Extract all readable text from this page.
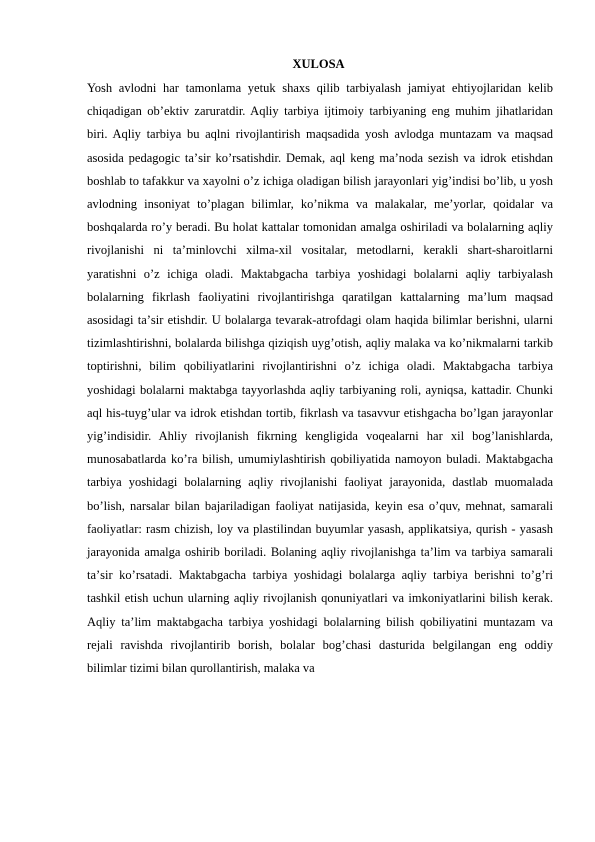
XULOSA

Yosh avlodni har tamonlama yetuk shaxs qilib tarbiyalash jamiyat ehtiyojlaridan kelib chiqadigan obʼektiv zaruratdir. Aqliy tarbiya ijtimoiy tarbiyaning eng muhim jihatlaridan biri. Aqliy tarbiya bu aqlni rivojlantirish maqsadida yosh avlodga muntazam va maqsad asosida pedagogic taʼsir koʼrsatishdir. Demak, aql keng maʼnoda sezish va idrok etishdan boshlab to tafakkur va xayolni oʼz ichiga oladigan bilish jarayonlari yigʼindisi boʼlib, u yosh avlodning insoniyat toʼplagan bilimlar, koʼnikma va malakalar, meʼyorlar, qoidalar va boshqalarda roʼy beradi. Bu holat kattalar tomonidan amalga oshiriladi va bolalarning aqliy rivojlanishi ni taʼminlovchi xilma-xil vositalar, metodlarni, kerakli shart-sharoitlarni yaratishni oʼz ichiga oladi. Maktabgacha tarbiya yoshidagi bolalarni aqliy tarbiyalash bolalarning fikrlash faoliyatini rivojlantirishga qaratilgan kattalarning maʼlum maqsad asosidagi taʼsir etishdir. U bolalarga tevarak-atrofdagi olam haqida bilimlar berishni, ularni tizimlashtirishni, bolalarda bilishga qiziqish uygʼotish, aqliy malaka va koʼnikmalarni tarkib toptirishni, bilim qobiliyatlarini rivojlantirishni oʼz ichiga oladi. Maktabgacha tarbiya yoshidagi bolalarni maktabga tayyorlashda aqliy tarbiyaning roli, ayniqsa, kattadir. Chunki aql his-tuygʼular va idrok etishdan tortib, fikrlash va tasavvur etishgacha boʼlgan jarayonlar yigʼindisidir. Ahliy rivojlanish fikrning kengligida voqealarni har xil bogʼlanishlarda, munosabatlarda koʼra bilish, umumiylashtirish qobiliyatida namoyon buladi. Maktabgacha tarbiya yoshidagi bolalarning aqliy rivojlanishi faoliyat jarayonida, dastlab muomalada boʼlish, narsalar bilan bajariladigan faoliyat natijasida, keyin esa oʼquv, mehnat, samarali faoliyatlar: rasm chizish, loy va plastilindan buyumlar yasash, applikatsiya, qurish - yasash jarayonida amalga oshirib boriladi. Bolaning aqliy rivojlanishga taʼlim va tarbiya samarali taʼsir koʼrsatadi. Maktabgacha tarbiya yoshidagi bolalarga aqliy tarbiya berishni toʼgʼri tashkil etish uchun ularning aqliy rivojlanish qonuniyatlari va imkoniyatlarini bilish kerak. Aqliy taʼlim maktabgacha tarbiya yoshidagi bolalarning bilish qobiliyatini muntazam va rejali ravishda rivojlantirib borish, bolalar bogʼchasi dasturida belgilangan eng oddiy bilimlar tizimi bilan qurollantirish, malaka va
